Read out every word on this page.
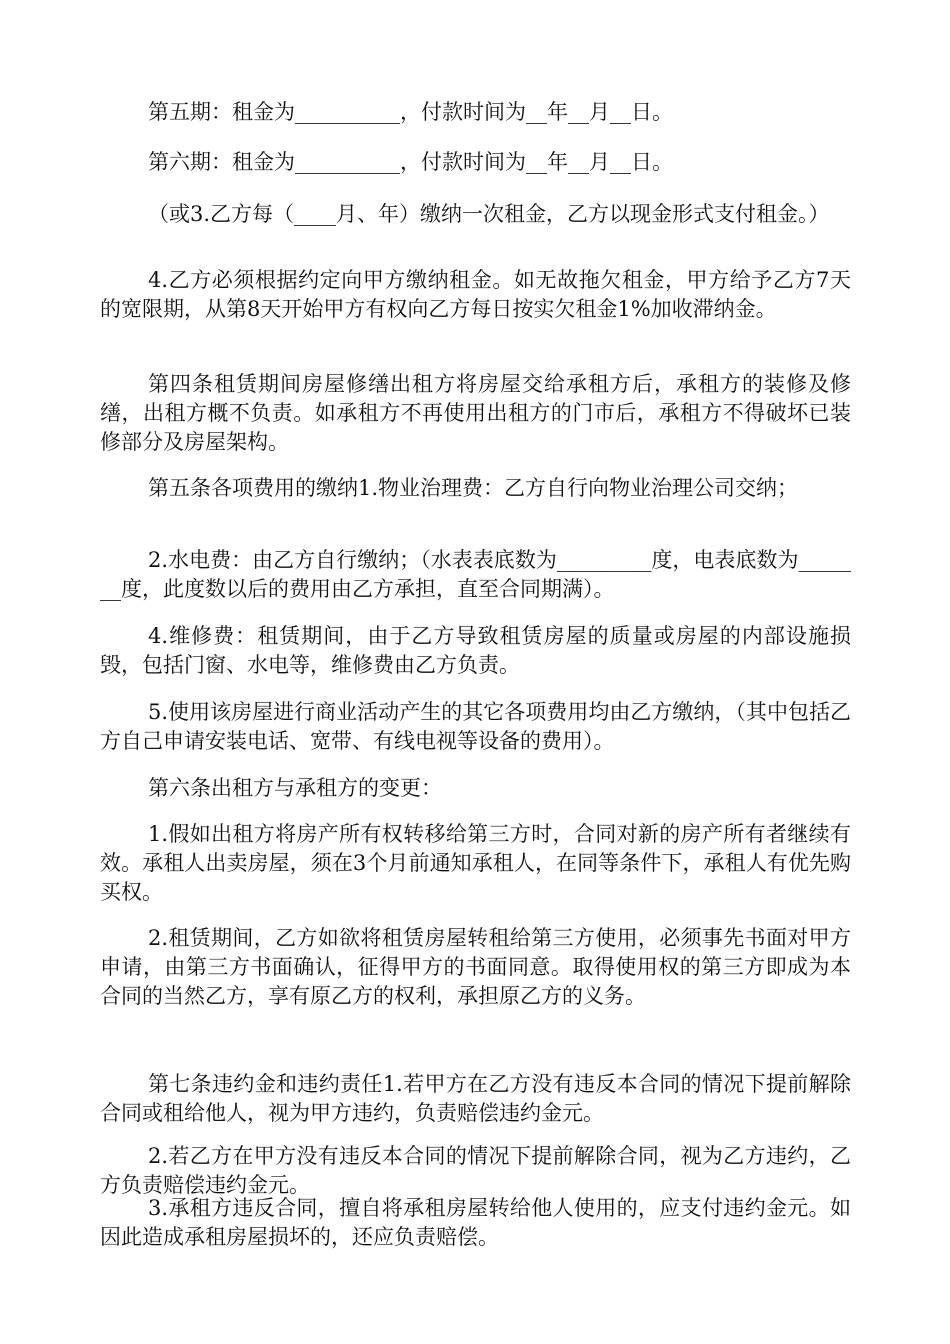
第五期：租金为__________，付款时间为__年__月__日。

第六期：租金为__________，付款时间为__年__月__日。

（或3.乙方每（____月、年）缴纳一次租金，乙方以现金形式支付租金。）

4.乙方必须根据约定向甲方缴纳租金。如无故拖欠租金，甲方给予乙方7天的宽限期，从第8天开始甲方有权向乙方每日按实欠租金1%加收滞纳金。

第四条租赁期间房屋修缮出租方将房屋交给承租方后，承租方的装修及修缮，出租方概不负责。如承租方不再使用出租方的门市后，承租方不得破坏已装修部分及房屋架构。

第五条各项费用的缴纳1.物业治理费：乙方自行向物业治理公司交纳；

2.水电费：由乙方自行缴纳；（水表表底数为_________度，电表底数为_______度，此度数以后的费用由乙方承担，直至合同期满）。

4.维修费：租赁期间，由于乙方导致租赁房屋的质量或房屋的内部设施损毁，包括门窗、水电等，维修费由乙方负责。

5.使用该房屋进行商业活动产生的其它各项费用均由乙方缴纳，（其中包括乙方自己申请安装电话、宽带、有线电视等设备的费用）。

第六条出租方与承租方的变更：

1.假如出租方将房产所有权转移给第三方时，合同对新的房产所有者继续有效。承租人出卖房屋，须在3个月前通知承租人，在同等条件下，承租人有优先购买权。

2.租赁期间，乙方如欲将租赁房屋转租给第三方使用，必须事先书面对甲方申请，由第三方书面确认，征得甲方的书面同意。取得使用权的第三方即成为本合同的当然乙方，享有原乙方的权利，承担原乙方的义务。

第七条违约金和违约责任1.若甲方在乙方没有违反本合同的情况下提前解除合同或租给他人，视为甲方违约，负责赔偿违约金元。

2.若乙方在甲方没有违反本合同的情况下提前解除合同，视为乙方违约，乙方负责赔偿违约金元。

3.承租方违反合同，擅自将承租房屋转给他人使用的，应支付违约金元。如因此造成承租房屋损坏的，还应负责赔偿。
